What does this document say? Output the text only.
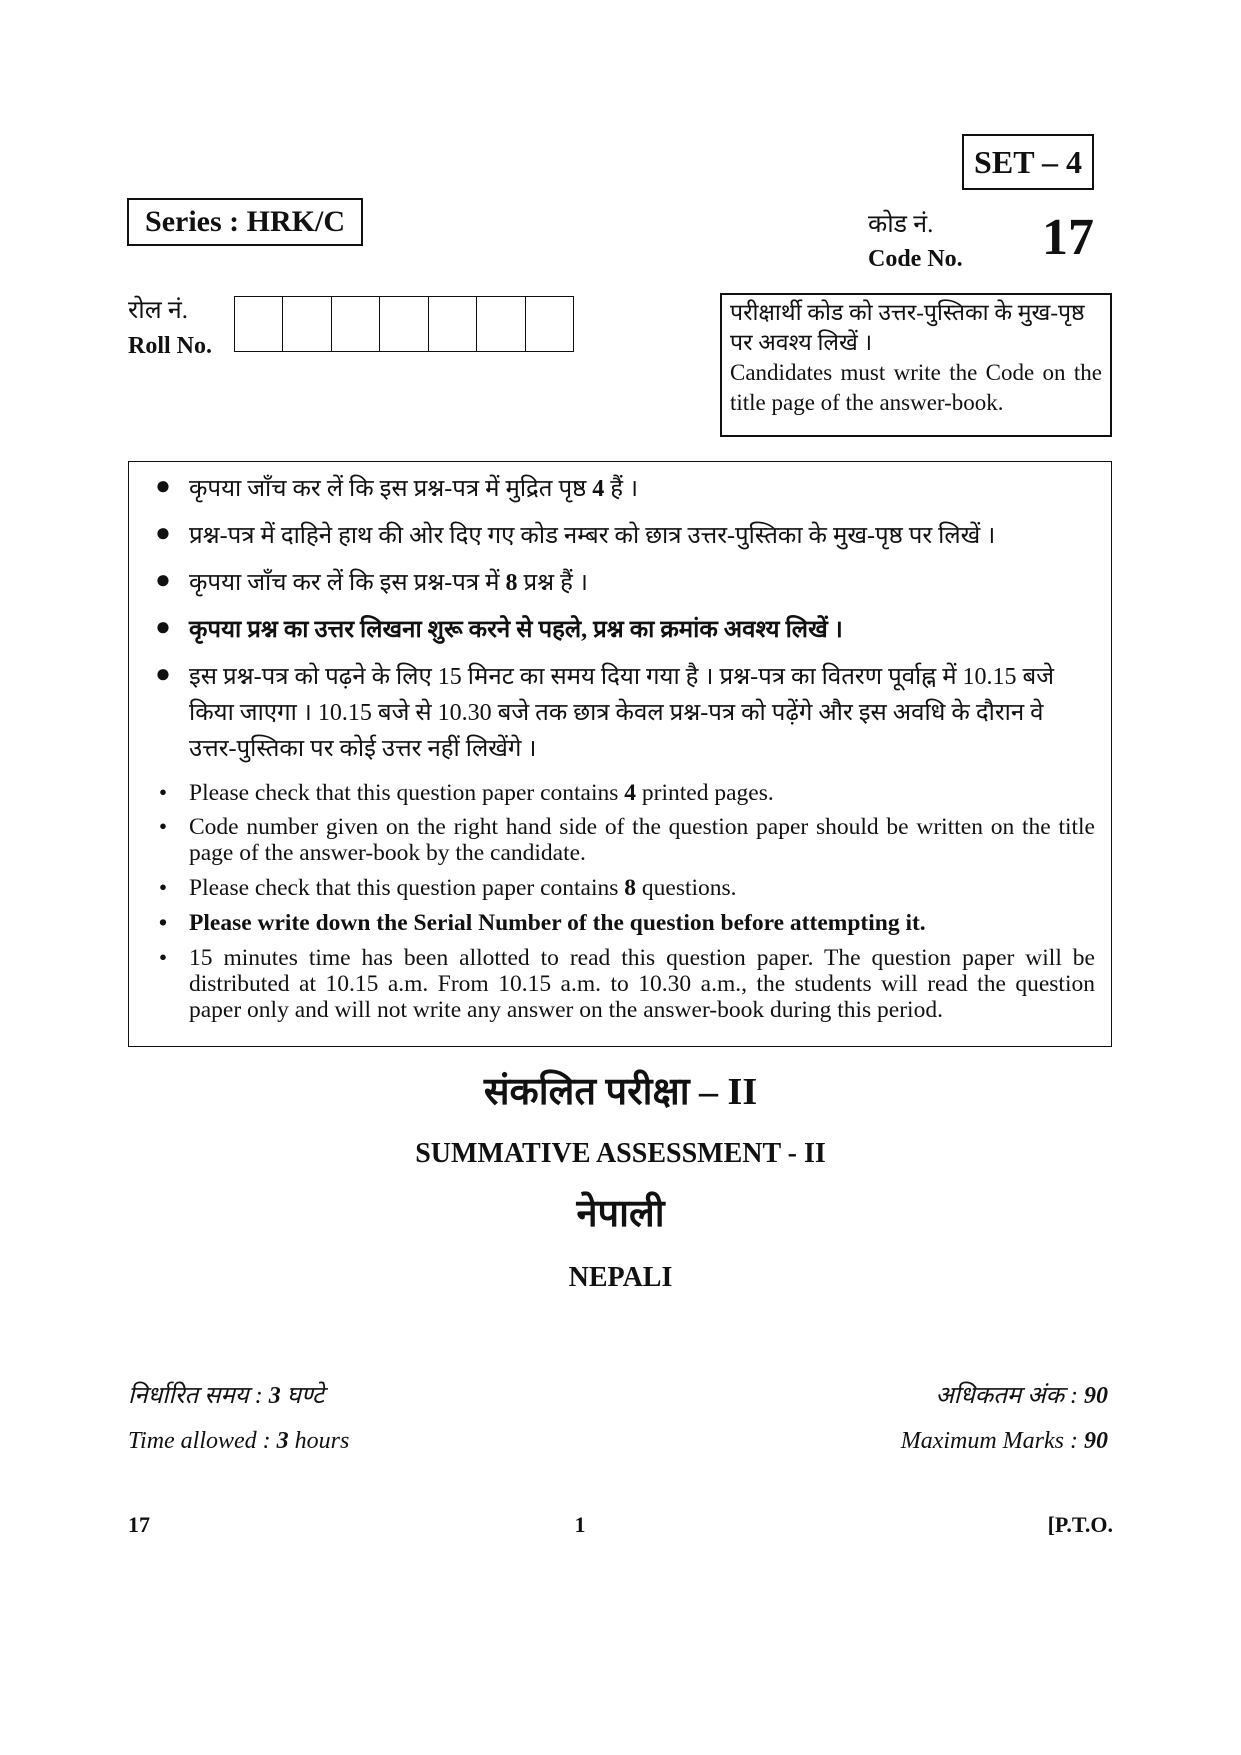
SET – 4
Series : HRK/C	कोड नं.
Code No. 17
रोल नं.
Roll No.
परीक्षार्थी कोड को उत्तर-पुस्तिका के मुख-पृष्ठ पर अवश्य लिखें ।
Candidates must write the Code on the title page of the answer-book.
● कृपया जाँच कर लें कि इस प्रश्न-पत्र में मुद्रित पृष्ठ 4 हैं ।
● प्रश्न-पत्र में दाहिने हाथ की ओर दिए गए कोड नम्बर को छात्र उत्तर-पुस्तिका के मुख-पृष्ठ पर लिखें ।
● कृपया जाँच कर लें कि इस प्रश्न-पत्र में 8 प्रश्न हैं ।
● कृपया प्रश्न का उत्तर लिखना शुरू करने से पहले, प्रश्न का क्रमांक अवश्य लिखें ।
● इस प्रश्न-पत्र को पढ़ने के लिए 15 मिनट का समय दिया गया है । प्रश्न-पत्र का वितरण पूर्वाह्न में 10.15 बजे किया जाएगा । 10.15 बजे से 10.30 बजे तक छात्र केवल प्रश्न-पत्र को पढ़ेंगे और इस अवधि के दौरान वे उत्तर-पुस्तिका पर कोई उत्तर नहीं लिखेंगे ।
• Please check that this question paper contains 4 printed pages.
• Code number given on the right hand side of the question paper should be written on the title page of the answer-book by the candidate.
• Please check that this question paper contains 8 questions.
• Please write down the Serial Number of the question before attempting it.
• 15 minutes time has been allotted to read this question paper. The question paper will be distributed at 10.15 a.m. From 10.15 a.m. to 10.30 a.m., the students will read the question paper only and will not write any answer on the answer-book during this period.
संकलित परीक्षा – II
SUMMATIVE ASSESSMENT - II
नेपाली
NEPALI
निर्धारित समय : 3 घण्टे
Time allowed : 3 hours
अधिकतम अंक : 90
Maximum Marks : 90
17	1	[P.T.O.
